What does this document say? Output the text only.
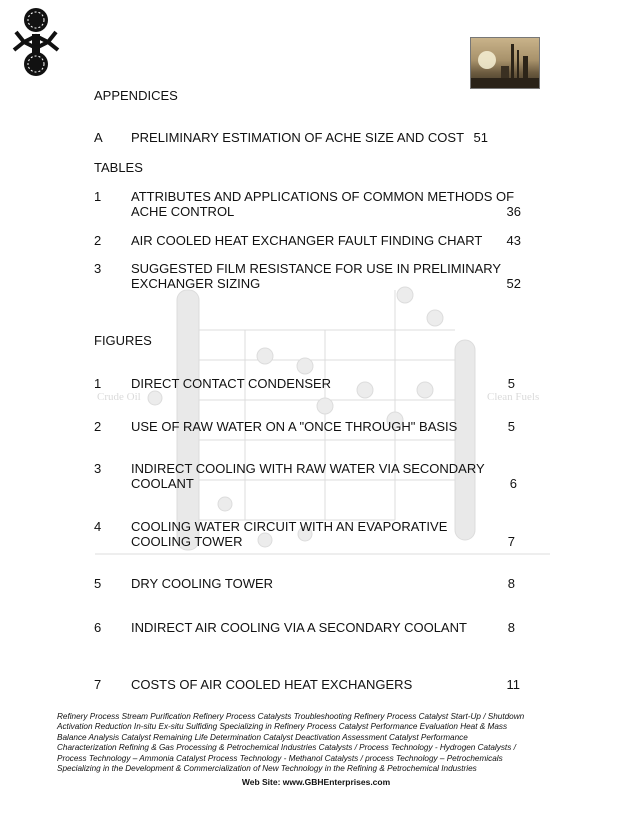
Crude Oil	Clean Fuels
APPENDICES
A PRELIMINARY ESTIMATION OF ACHE SIZE AND COST 51
TABLES
1 ATTRIBUTES AND APPLICATIONS OF COMMON METHODS OF
ACHE CONTROL	36
2 AIR COOLED HEAT EXCHANGER FAULT FINDING CHART	43
3 SUGGESTED FILM RESISTANCE FOR USE IN PRELIMINARY
EXCHANGER SIZING	52
FIGURES
1 DIRECT CONTACT CONDENSER	5
2 USE OF RAW WATER ON A "ONCE THROUGH" BASIS	5
3 INDIRECT COOLING WITH RAW WATER VIA SECONDARY
COOLANT	6
4 COOLING WATER CIRCUIT WITH AN EVAPORATIVE
COOLING TOWER	7
5 DRY COOLING TOWER	8
6 INDIRECT AIR COOLING VIA A SECONDARY COOLANT	8
7 COSTS OF AIR COOLED HEAT EXCHANGERS	11
Refinery Process Stream Purification Refinery Process Catalysts Troubleshooting Refinery Process Catalyst Start-Up / Shutdown
Activation Reduction In-situ Ex-situ Sulfiding Specializing in Refinery Process Catalyst Performance Evaluation Heat & Mass
Balance Analysis Catalyst Remaining Life Determination Catalyst Deactivation Assessment Catalyst Performance
Characterization Refining & Gas Processing & Petrochemical Industries Catalysts / Process Technology - Hydrogen Catalysts /
Process Technology – Ammonia Catalyst Process Technology - Methanol Catalysts / process Technology – Petrochemicals
Specializing in the Development & Commercialization of New Technology in the Refining & Petrochemical Industries
Web Site: www.GBHEnterprises.com
